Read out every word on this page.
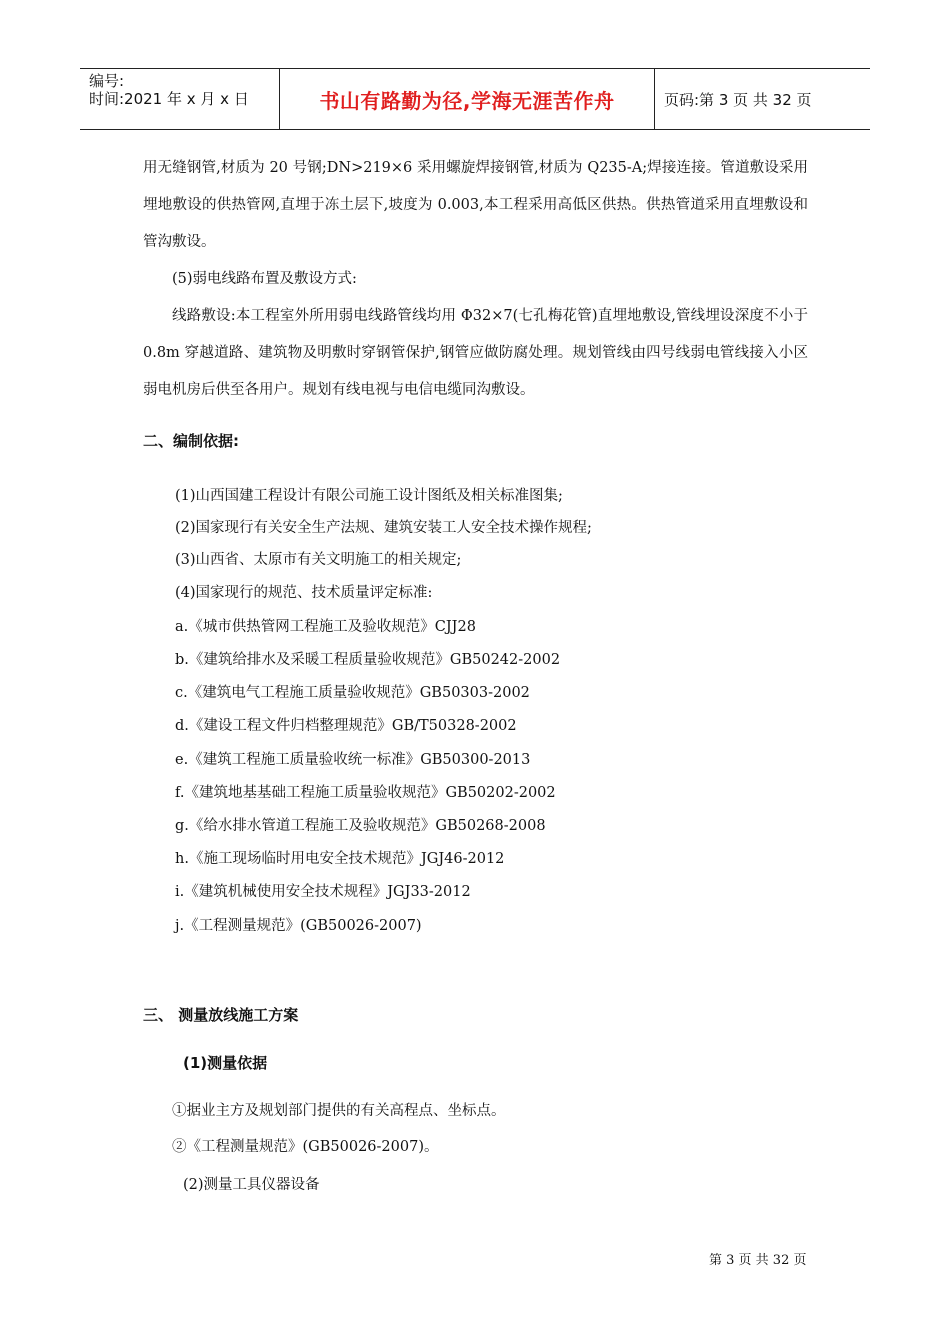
编号:
时间:2021 年 x 月 x 日	书山有路勤为径,学海无涯苦作舟	页码:第 3 页 共 32 页

用无缝钢管,材质为 20 号钢;DN>219×6 采用螺旋焊接钢管,材质为 Q235-A;焊接连接。管道敷设采用埋地敷设的供热管网,直埋于冻土层下,坡度为 0.003,本工程采用高低区供热。供热管道采用直埋敷设和管沟敷设。

(5)弱电线路布置及敷设方式:

线路敷设:本工程室外所用弱电线路管线均用 Φ32×7(七孔梅花管)直埋地敷设,管线埋设深度不小于 0.8m 穿越道路、建筑物及明敷时穿钢管保护,钢管应做防腐处理。规划管线由四号线弱电管线接入小区弱电机房后供至各用户。规划有线电视与电信电缆同沟敷设。

二、编制依据:
(1)山西国建工程设计有限公司施工设计图纸及相关标准图集;
(2)国家现行有关安全生产法规、建筑安装工人安全技术操作规程;
(3)山西省、太原市有关文明施工的相关规定;
(4)国家现行的规范、技术质量评定标准:
a.《城市供热管网工程施工及验收规范》CJJ28
b.《建筑给排水及采暖工程质量验收规范》GB50242-2002
c.《建筑电气工程施工质量验收规范》GB50303-2002
d.《建设工程文件归档整理规范》GB/T50328-2002
e.《建筑工程施工质量验收统一标准》GB50300-2013
f.《建筑地基基础工程施工质量验收规范》GB50202-2002
g.《给水排水管道工程施工及验收规范》GB50268-2008
h.《施工现场临时用电安全技术规范》JGJ46-2012
i.《建筑机械使用安全技术规程》JGJ33-2012
j.《工程测量规范》(GB50026-2007)
三、 测量放线施工方案
(1)测量依据
①据业主方及规划部门提供的有关高程点、坐标点。
②《工程测量规范》(GB50026-2007)。
(2)测量工具仪器设备
第 3 页 共 32 页
